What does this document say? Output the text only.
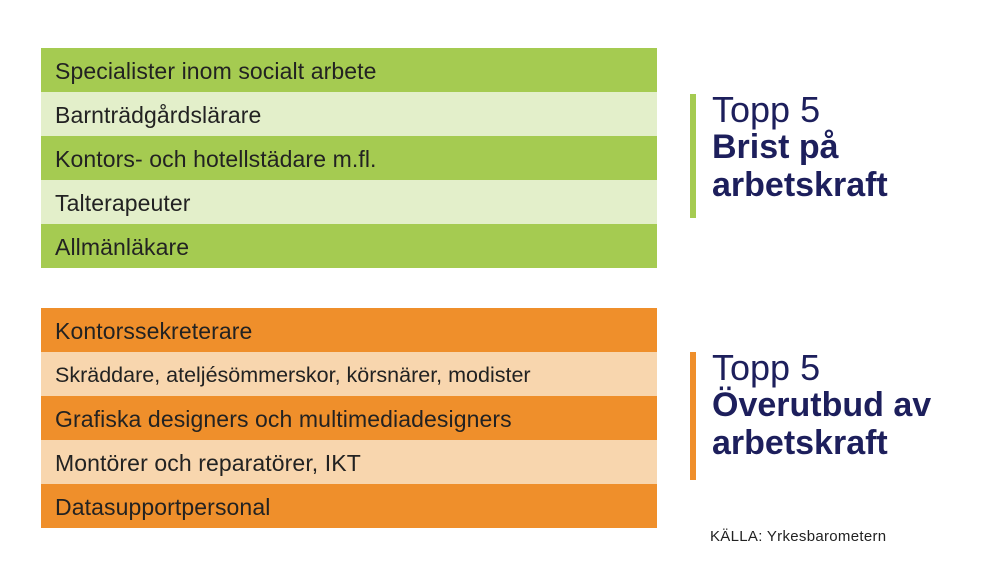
Specialister inom socialt arbete
Barnträdgårdslärare
Kontors- och hotellstädare m.fl.
Talterapeuter
Allmänläkare
Topp 5
Brist på arbetskraft
Kontorssekreterare
Skräddare, ateljésömmerskor, körsnärer, modister
Grafiska designers och multimediadesigners
Montörer och reparatörer, IKT
Datasupportpersonal
Topp 5
Överutbud av arbetskraft
KÄLLA: Yrkesbarometern
